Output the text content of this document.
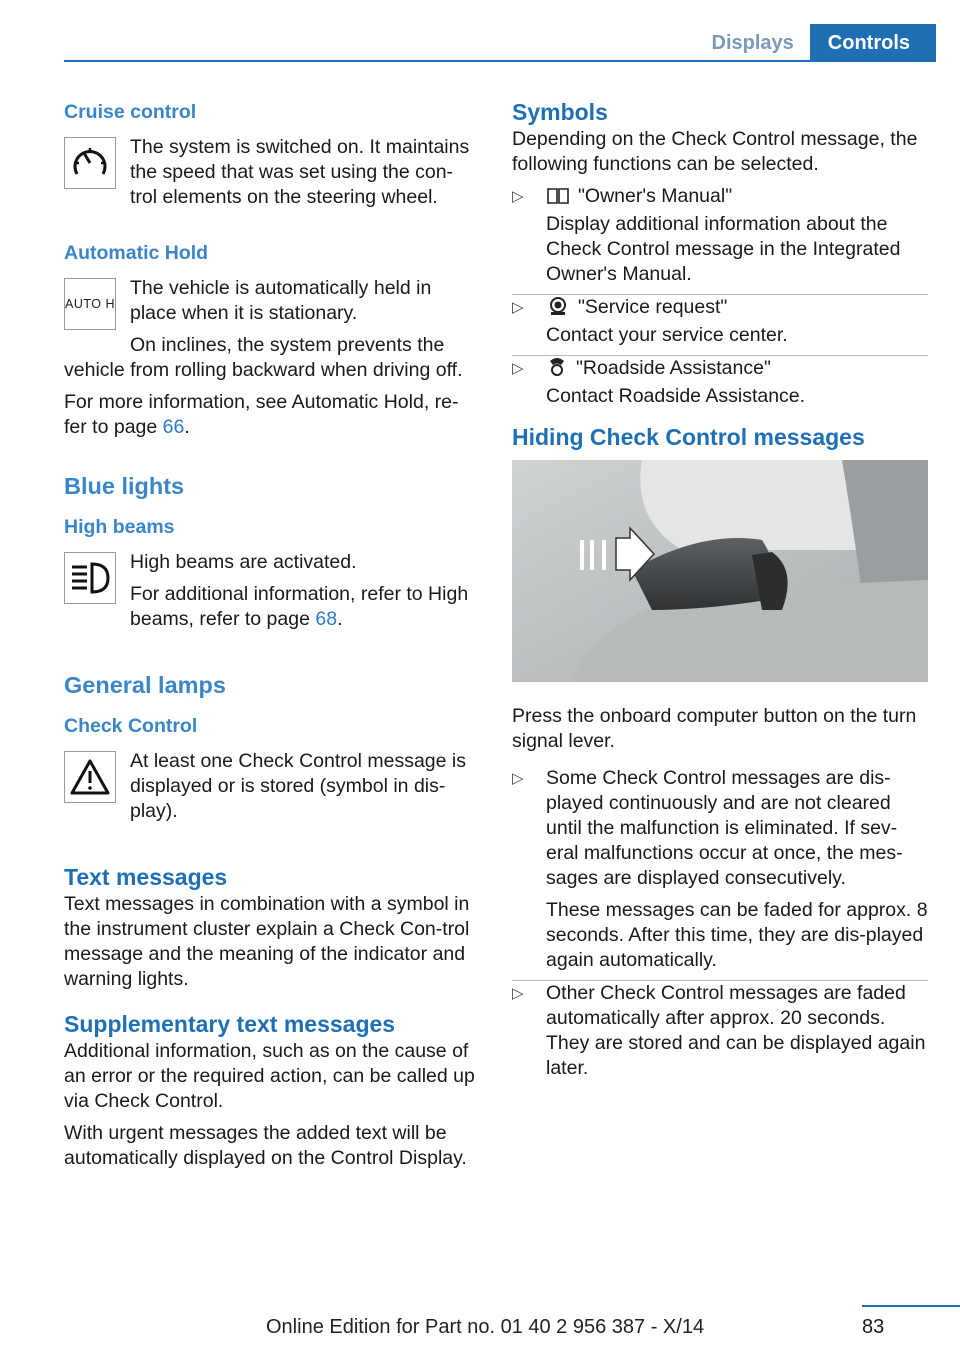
Displays	Controls
Cruise control

The system is switched on. It maintains the speed that was set using the con-trol elements on the steering wheel.

Automatic Hold
AUTO H

The vehicle is automatically held in place when it is stationary.

On inclines, the system prevents the

vehicle from rolling backward when driving off.

For more information, see Automatic Hold, re-fer to page 66.

Blue lights
High beams

High beams are activated.

For additional information, refer to High beams, refer to page 68.

General lamps
Check Control

At least one Check Control message is displayed or is stored (symbol in dis-play).

Text messages

Text messages in combination with a symbol in the instrument cluster explain a Check Con-trol message and the meaning of the indicator and warning lights.

Supplementary text messages

Additional information, such as on the cause of an error or the required action, can be called up via Check Control.

With urgent messages the added text will be automatically displayed on the Control Display.

Symbols

Depending on the Check Control message, the following functions can be selected.

▷	"Owner's Manual"

Display additional information about the Check Control message in the Integrated Owner's Manual.

▷	"Service request"

Contact your service center.

▷	"Roadside Assistance"

Contact Roadside Assistance.

Hiding Check Control messages

Press the onboard computer button on the turn signal lever.

▷ Some Check Control messages are dis-played continuously and are not cleared until the malfunction is eliminated. If sev-eral malfunctions occur at once, the mes-sages are displayed consecutively.

These messages can be faded for approx. 8 seconds. After this time, they are dis-played again automatically.

▷ Other Check Control messages are faded automatically after approx. 20 seconds. They are stored and can be displayed again later.

83
Online Edition for Part no. 01 40 2 956 387 - X/14
